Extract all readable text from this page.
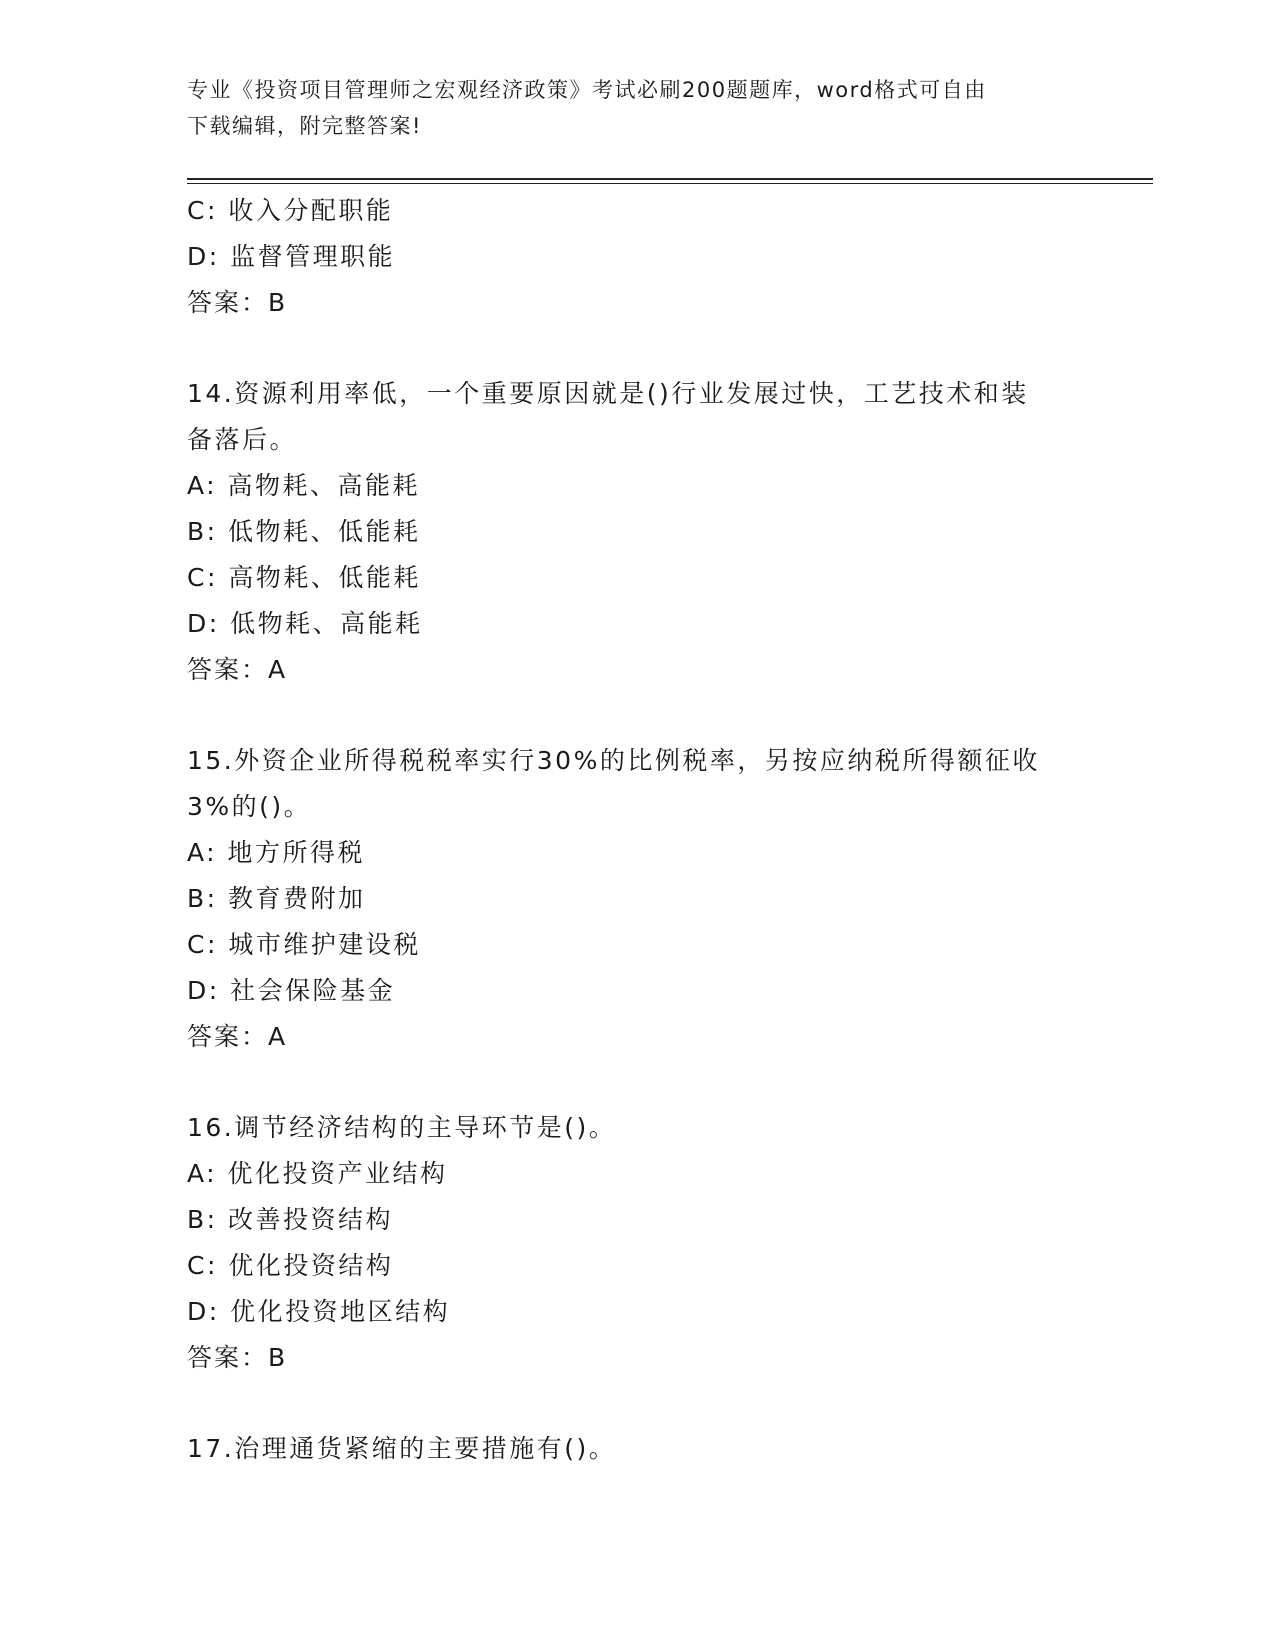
专业《投资项目管理师之宏观经济政策》考试必刷200题题库，word格式可自由
下载编辑，附完整答案!
C: 收入分配职能
D: 监督管理职能
答案：B
14.资源利用率低，一个重要原因就是()行业发展过快，工艺技术和装
备落后。
A: 高物耗、高能耗
B: 低物耗、低能耗
C: 高物耗、低能耗
D: 低物耗、高能耗
答案：A
15.外资企业所得税税率实行30%的比例税率，另按应纳税所得额征收
3%的()。
A: 地方所得税
B: 教育费附加
C: 城市维护建设税
D: 社会保险基金
答案：A
16.调节经济结构的主导环节是()。
A: 优化投资产业结构
B: 改善投资结构
C: 优化投资结构
D: 优化投资地区结构
答案：B
17.治理通货紧缩的主要措施有()。
